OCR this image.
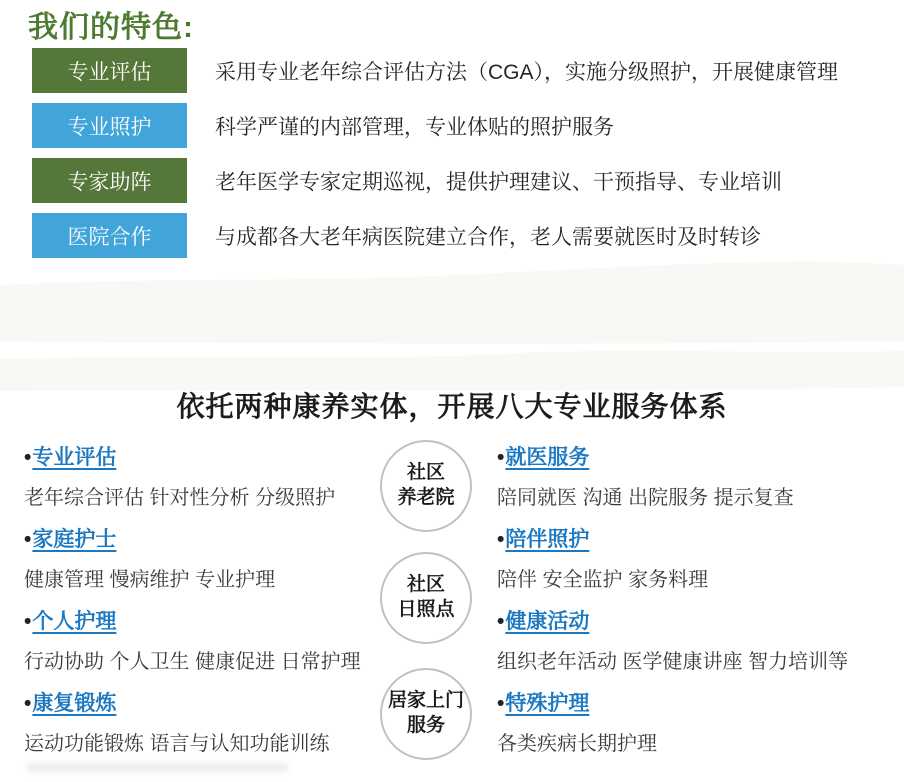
我们的特色:
专业评估	采用专业老年综合评估方法（CGA），实施分级照护，开展健康管理
专业照护	科学严谨的内部管理，专业体贴的照护服务
专家助阵	老年医学专家定期巡视，提供护理建议、干预指导、专业培训
医院合作	与成都各大老年病医院建立合作，老人需要就医时及时转诊
依托两种康养实体，开展八大专业服务体系
•专业评估
老年综合评估 针对性分析 分级照护
•家庭护士
健康管理 慢病维护 专业护理
•个人护理
行动协助 个人卫生 健康促进 日常护理
•康复锻炼
运动功能锻炼 语言与认知功能训练
•就医服务
陪同就医 沟通 出院服务 提示复查
•陪伴照护
陪伴 安全监护 家务料理
•健康活动
组织老年活动 医学健康讲座 智力培训等
•特殊护理
各类疾病长期护理
社区
养老院
社区
日照点
居家上门
服务
